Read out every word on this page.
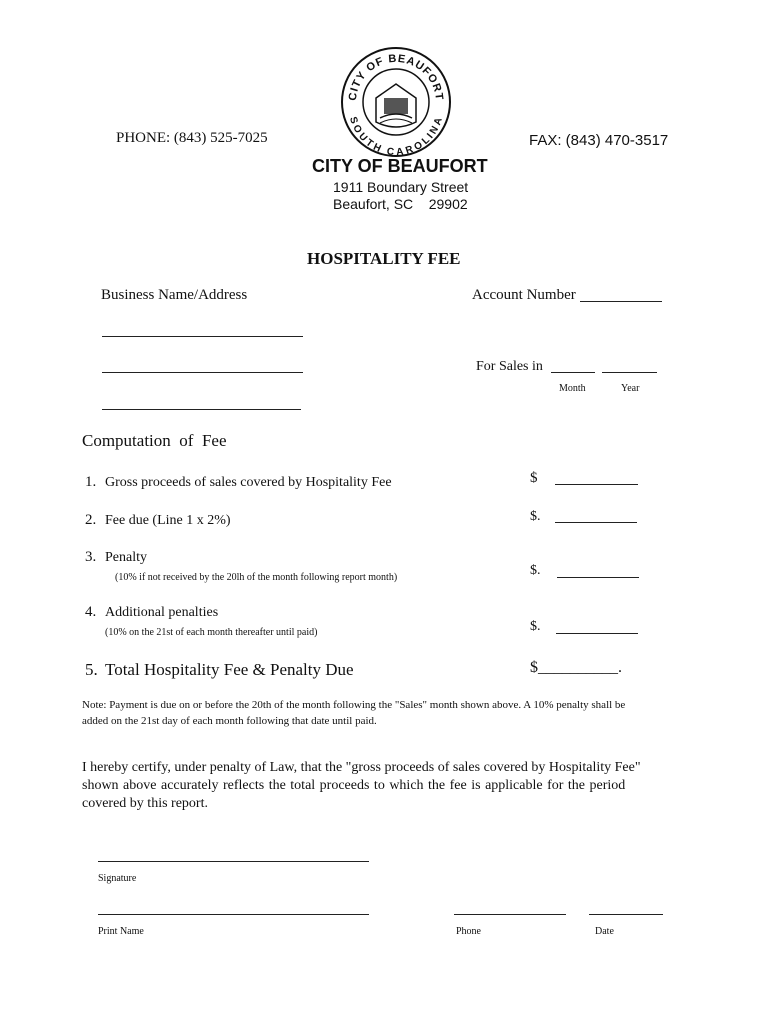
CITY OF BEAUFORT
SOUTH CAROLINA
PHONE: (843) 525-7025	FAX: (843) 470-3517
CITY OF BEAUFORT
1911 Boundary Street
Beaufort, SC    29902
HOSPITALITY FEE
Business Name/Address	Account Number
For Sales in
Month	Year
Computation  of  Fee
1. Gross proceeds of sales covered by Hospitality Fee	$
2. Fee due (Line 1 x 2%)	$.
3. Penalty
(10% if not received by the 20lh of the month following report month)	$.
4. Additional penalties
(10% on the 21st of each month thereafter until paid)	$.
5. Total Hospitality Fee & Penalty Due	$__________.
Note: Payment is due on or before the 20th of the month following the "Sales" month shown above. A 10% penalty shall be
added on the 21st day of each month following that date until paid.
I hereby certify, under penalty of Law, that the "gross proceeds of sales covered by Hospitality Fee"
shown above accurately reflects the total proceeds to which the fee is applicable for the period
covered by this report.
Signature
Print Name	Phone	Date
